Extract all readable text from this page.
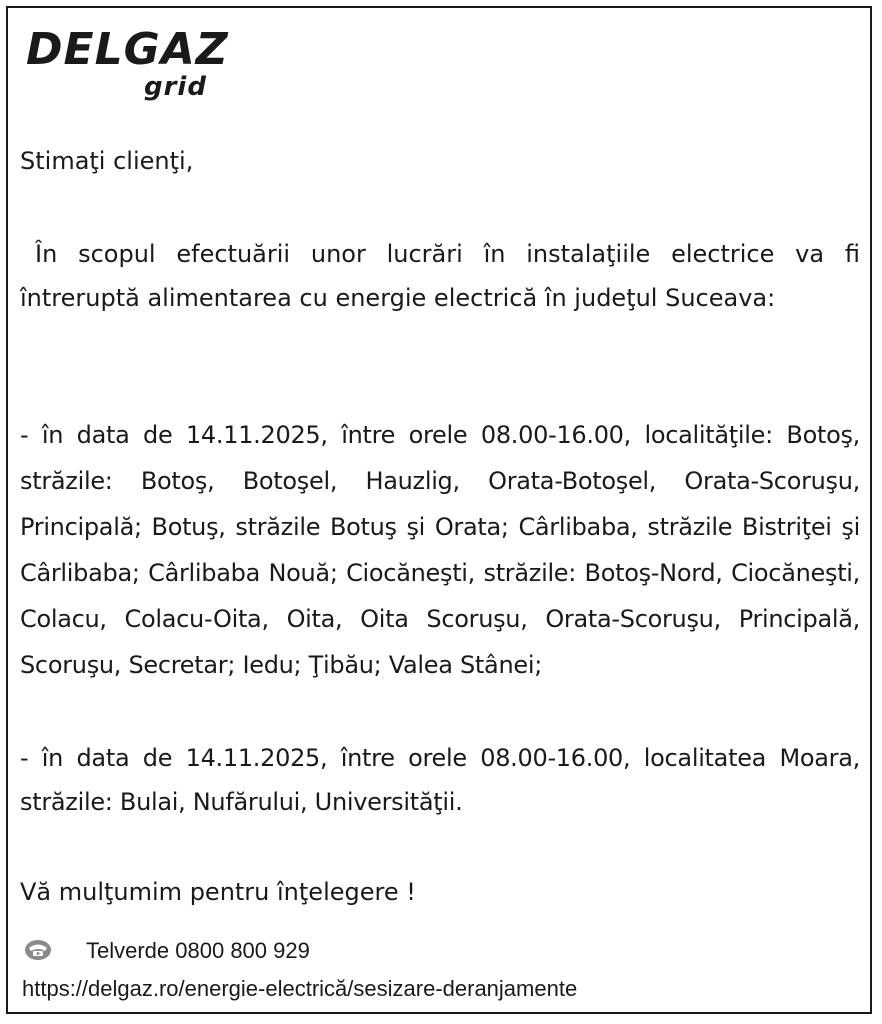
DELGAZ
grid

Stimaţi clienţi,

În scopul efectuării unor lucrări în instalaţiile electrice va fi întreruptă alimentarea cu energie electrică în judeţul Suceava:

- în data de 14.11.2025, între orele 08.00-16.00, localităţile: Botoş, străzile: Botoş, Botoşel, Hauzlig, Orata-Botoşel, Orata-Scoruşu, Principală; Botuş, străzile Botuş şi Orata; Cârlibaba, străzile Bistriţei şi Cârlibaba; Cârlibaba Nouă; Ciocăneşti, străzile: Botoş-Nord, Ciocăneşti, Colacu, Colacu-Oita, Oita, Oita Scoruşu, Orata-Scoruşu, Principală, Scoruşu, Secretar; Iedu; Ţibău; Valea Stânei;

- în data de 14.11.2025, între orele 08.00-16.00, localitatea Moara, străzile: Bulai, Nufărului, Universităţii.

Vă mulţumim pentru înţelegere !

Telverde 0800 800 929
https://delgaz.ro/energie-electrică/sesizare-deranjamente
